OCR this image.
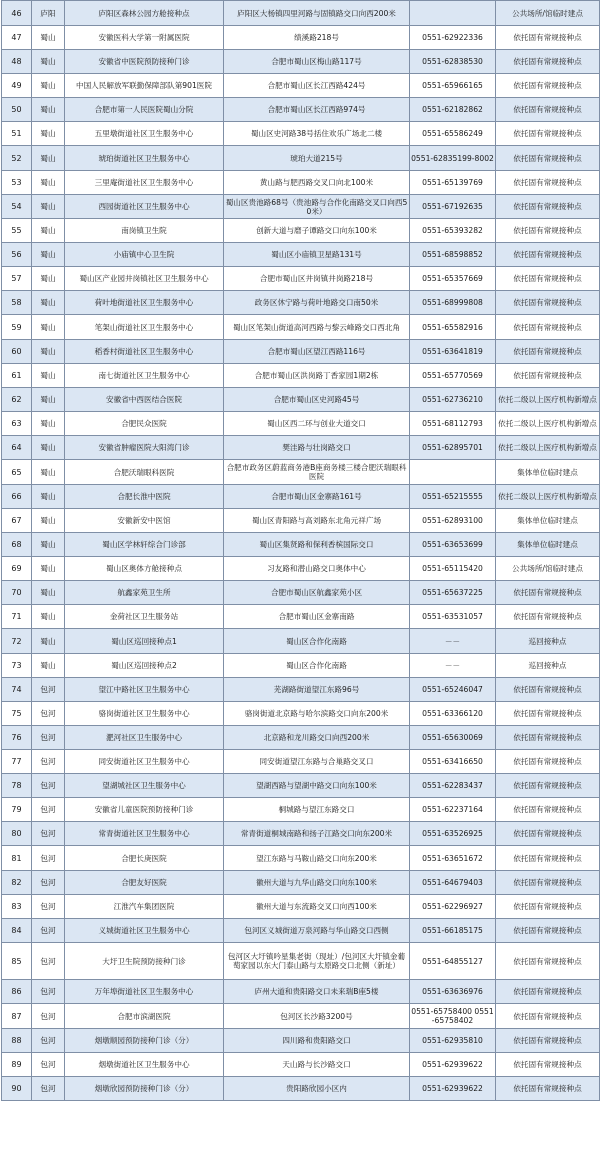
46	庐阳	庐阳区森林公园方舱接种点	庐阳区大杨镇四里河路与固镇路交口向西200米		公共场所/馆临时建点
47	蜀山	安徽医科大学第一附属医院	绩溪路218号	0551-62922336	依托固有常规接种点
48	蜀山	安徽省中医院预防接种门诊	合肥市蜀山区梅山路117号	0551-62838530	依托固有常规接种点
49	蜀山	中国人民解放军联勤保障部队第901医院	合肥市蜀山区长江西路424号	0551-65966165	依托固有常规接种点
50	蜀山	合肥市第一人民医院蜀山分院	合肥市蜀山区长江西路974号	0551-62182862	依托固有常规接种点
51	蜀山	五里墩街道社区卫生服务中心	蜀山区史河路38号括住欢乐广场北二楼	0551-65586249	依托固有常规接种点
52	蜀山	琥珀街道社区卫生服务中心	琥珀大道215号	0551-62835199-8002	依托固有常规接种点
53	蜀山	三里庵街道社区卫生服务中心	黄山路与肥西路交叉口向北100米	0551-65139769	依托固有常规接种点
54	蜀山	西园街道社区卫生服务中心	蜀山区贵池路68号（贵池路与合作化南路交叉口向西50米）	0551-67192635	依托固有常规接种点
55	蜀山	南岗镇卫生院	创新大道与磨子谭路交口向东100米	0551-65393282	依托固有常规接种点
56	蜀山	小庙镇中心卫生院	蜀山区小庙镇卫星路131号	0551-68598852	依托固有常规接种点
57	蜀山	蜀山区产业园井岗镇社区卫生服务中心	合肥市蜀山区井岗镇井岗路218号	0551-65357669	依托固有常规接种点
58	蜀山	荷叶地街道社区卫生服务中心	政务区休宁路与荷叶地路交口南50米	0551-68999808	依托固有常规接种点
59	蜀山	笔架山街道社区卫生服务中心	蜀山区笔架山街道高河西路与黎云峰路交口西北角	0551-65582916	依托固有常规接种点
60	蜀山	稻香村街道社区卫生服务中心	合肥市蜀山区望江西路116号	0551-63641819	依托固有常规接种点
61	蜀山	南七街道社区卫生服务中心	合肥市蜀山区洪岗路丁香家园1期2栋	0551-65770569	依托固有常规接种点
62	蜀山	安徽省中西医结合医院	合肥市蜀山区史河路45号	0551-62736210	依托二级以上医疗机构新增点
63	蜀山	合肥民众医院	蜀山区西二环与创业大道交口	0551-68112793	依托二级以上医疗机构新增点
64	蜀山	安徽省肿瘤医院大阳湾门诊	樊洼路与壮岗路交口	0551-62895701	依托二级以上医疗机构新增点
65	蜀山	合肥沃瑞眼科医院	合肥市政务区蔚蓝商务港B座商务楼三楼合肥沃瑞眼科医院		集体单位临时建点
66	蜀山	合肥长淮中医院	合肥市蜀山区金寨路161号	0551-65215555	依托二级以上医疗机构新增点
67	蜀山	安徽新安中医馆	蜀山区青阳路与高刘路东北角元祥广场	0551-62893100	集体单位临时建点
68	蜀山	蜀山区学林轩综合门诊部	蜀山区集贤路和保利香槟国际交口	0551-63653699	集体单位临时建点
69	蜀山	蜀山区奥体方舱接种点	习友路和潜山路交口奥体中心	0551-65115420	公共场所/馆临时建点
70	蜀山	航鑫家苑卫生所	合肥市蜀山区航鑫家苑小区	0551-65637225	依托固有常规接种点
71	蜀山	金荷社区卫生服务站	合肥市蜀山区金寨南路	0551-63531057	依托固有常规接种点
72	蜀山	蜀山区巡回接种点1	蜀山区合作化南路	－－	巡回接种点
73	蜀山	蜀山区巡回接种点2	蜀山区合作化南路	－－	巡回接种点
74	包河	望江中路社区卫生服务中心	芜湖路街道望江东路96号	0551-65246047	依托固有常规接种点
75	包河	骆岗街道社区卫生服务中心	骆岗街道北京路与哈尔滨路交口向东200米	0551-63366120	依托固有常规接种点
76	包河	淝河社区卫生服务中心	北京路和龙川路交口向西200米	0551-65630069	依托固有常规接种点
77	包河	同安街道社区卫生服务中心	同安街道望江东路与合巢路交叉口	0551-63416650	依托固有常规接种点
78	包河	望湖城社区卫生服务中心	望湖西路与望湖中路交口向东100米	0551-62283437	依托固有常规接种点
79	包河	安徽省儿童医院预防接种门诊	桐城路与望江东路交口	0551-62237164	依托固有常规接种点
80	包河	常青街道社区卫生服务中心	常青街道桐城南路和扬子江路交口向东200米	0551-63526925	依托固有常规接种点
81	包河	合肥长庚医院	望江东路与马鞍山路交口向东200米	0551-63651672	依托固有常规接种点
82	包河	合肥友好医院	徽州大道与九华山路交口向东100米	0551-64679403	依托固有常规接种点
83	包河	江淮汽车集团医院	徽州大道与东流路交叉口向西100米	0551-62296927	依托固有常规接种点
84	包河	义城街道社区卫生服务中心	包河区义城街道万泉河路与华山路交口西侧	0551-66185175	依托固有常规接种点
85	包河	大圩卫生院预防接种门诊	包河区大圩镇吟星集老街（现址）/包河区大圩镇金葡萄家园以东大门泰山路与太原路交口北侧（新址）	0551-64855127	依托固有常规接种点
86	包河	万年埠街道社区卫生服务中心	庐州大道和贵阳路交口未来瑞B座5楼	0551-63636976	依托固有常规接种点
87	包河	合肥市滨湖医院	包河区长沙路3200号	0551-65758400 0551-65758402	依托固有常规接种点
88	包河	烟墩顺园预防接种门诊（分）	四川路和贵阳路交口	0551-62935810	依托固有常规接种点
89	包河	烟墩街道社区卫生服务中心	天山路与长沙路交口	0551-62939622	依托固有常规接种点
90	包河	烟墩欣园预防接种门诊（分）	贵阳路欣园小区内	0551-62939622	依托固有常规接种点
